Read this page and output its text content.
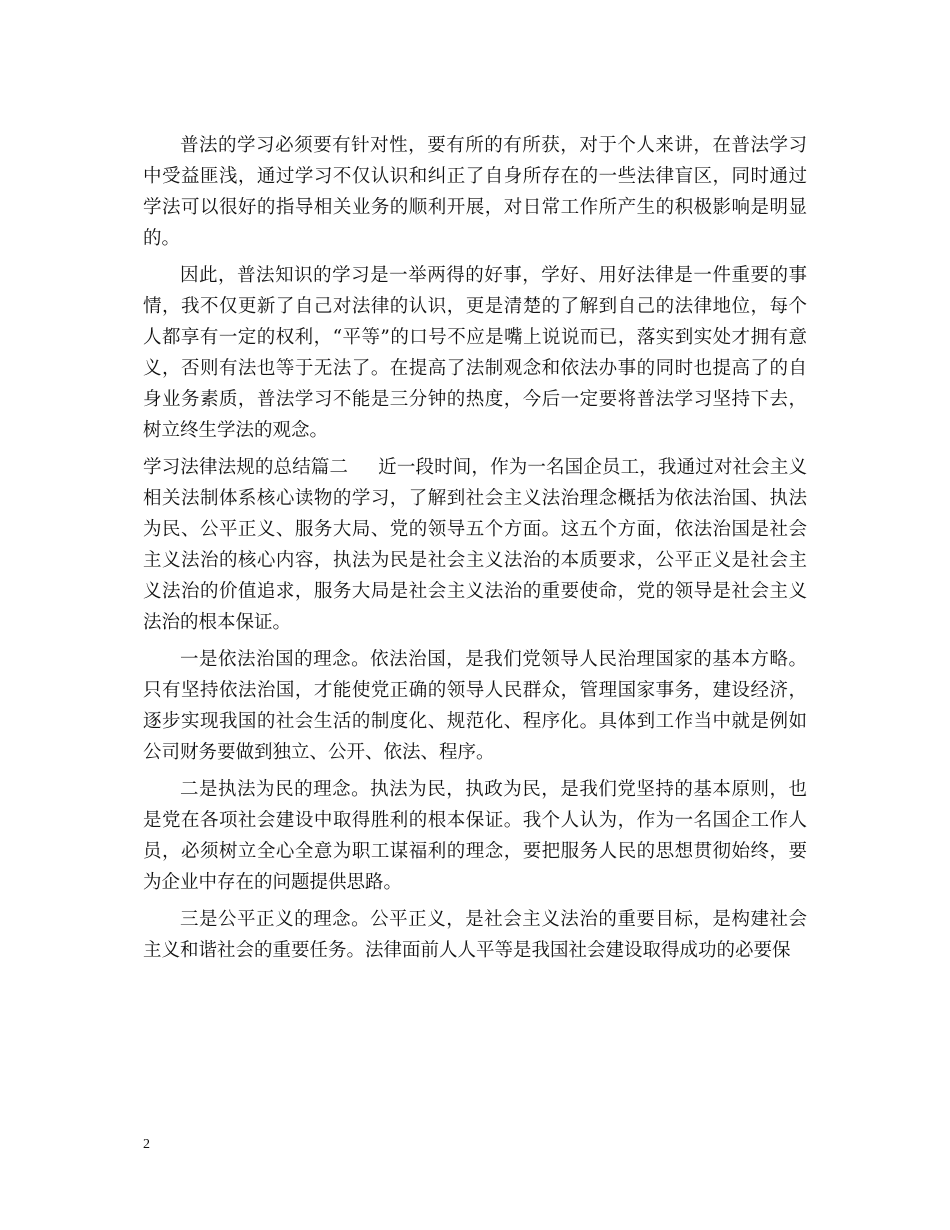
普法的学习必须要有针对性，要有所的有所获，对于个人来讲，在普法学习中受益匪浅，通过学习不仅认识和纠正了自身所存在的一些法律盲区，同时通过学法可以很好的指导相关业务的顺利开展，对日常工作所产生的积极影响是明显的。

因此，普法知识的学习是一举两得的好事，学好、用好法律是一件重要的事情，我不仅更新了自己对法律的认识，更是清楚的了解到自己的法律地位，每个人都享有一定的权利，“平等”的口号不应是嘴上说说而已，落实到实处才拥有意义，否则有法也等于无法了。在提高了法制观念和依法办事的同时也提高了的自身业务素质，普法学习不能是三分钟的热度，今后一定要将普法学习坚持下去，树立终生学法的观念。

学习法律法规的总结篇二 近一段时间，作为一名国企员工，我通过对社会主义相关法制体系核心读物的学习，了解到社会主义法治理念概括为依法治国、执法为民、公平正义、服务大局、党的领导五个方面。这五个方面，依法治国是社会主义法治的核心内容，执法为民是社会主义法治的本质要求，公平正义是社会主义法治的价值追求，服务大局是社会主义法治的重要使命，党的领导是社会主义法治的根本保证。

一是依法治国的理念。依法治国，是我们党领导人民治理国家的基本方略。只有坚持依法治国，才能使党正确的领导人民群众，管理国家事务，建设经济，逐步实现我国的社会生活的制度化、规范化、程序化。具体到工作当中就是例如公司财务要做到独立、公开、依法、程序。

二是执法为民的理念。执法为民，执政为民，是我们党坚持的基本原则，也是党在各项社会建设中取得胜利的根本保证。我个人认为，作为一名国企工作人员，必须树立全心全意为职工谋福利的理念，要把服务人民的思想贯彻始终，要为企业中存在的问题提供思路。

三是公平正义的理念。公平正义，是社会主义法治的重要目标，是构建社会主义和谐社会的重要任务。法律面前人人平等是我国社会建设取得成功的必要保

2
